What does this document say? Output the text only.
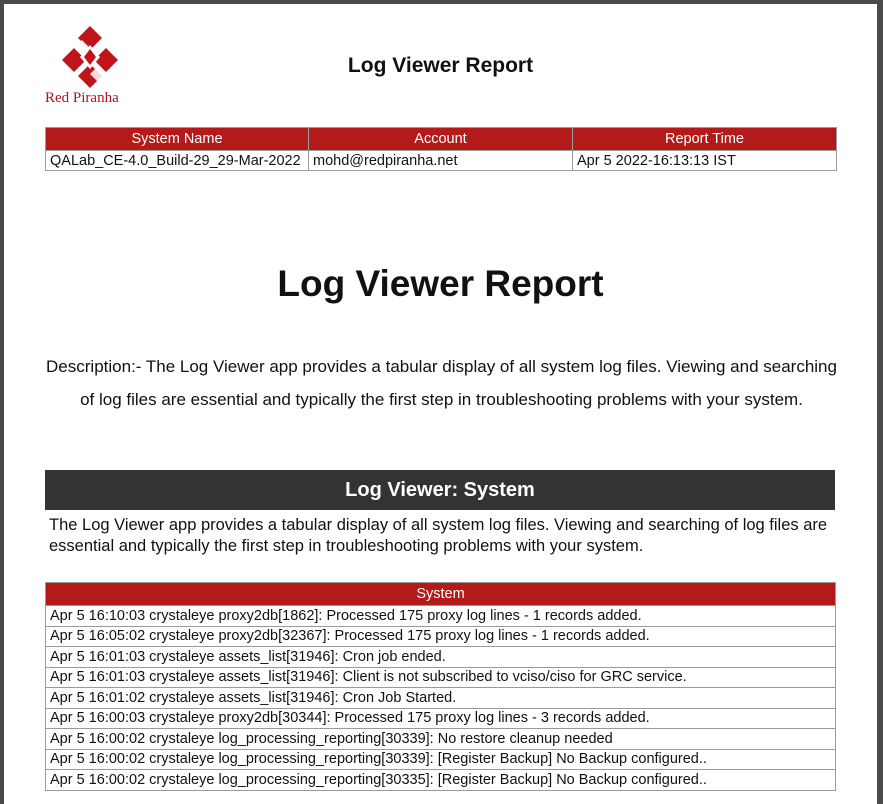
Red Piranha
Log Viewer Report
System Name	Account	Report Time
QALab_CE-4.0_Build-29_29-Mar-2022	mohd@redpiranha.net	Apr 5 2022-16:13:13 IST
Log Viewer Report
Description:- The Log Viewer app provides a tabular display of all system log files. Viewing and searching of log files are essential and typically the first step in troubleshooting problems with your system.
Log Viewer: System
The Log Viewer app provides a tabular display of all system log files. Viewing and searching of log files are essential and typically the first step in troubleshooting problems with your system.
System
Apr 5 16:10:03 crystaleye proxy2db[1862]: Processed 175 proxy log lines - 1 records added.
Apr 5 16:05:02 crystaleye proxy2db[32367]: Processed 175 proxy log lines - 1 records added.
Apr 5 16:01:03 crystaleye assets_list[31946]: Cron job ended.
Apr 5 16:01:03 crystaleye assets_list[31946]: Client is not subscribed to vciso/ciso for GRC service.
Apr 5 16:01:02 crystaleye assets_list[31946]: Cron Job Started.
Apr 5 16:00:03 crystaleye proxy2db[30344]: Processed 175 proxy log lines - 3 records added.
Apr 5 16:00:02 crystaleye log_processing_reporting[30339]: No restore cleanup needed
Apr 5 16:00:02 crystaleye log_processing_reporting[30339]: [Register Backup] No Backup configured..
Apr 5 16:00:02 crystaleye log_processing_reporting[30335]: [Register Backup] No Backup configured..
